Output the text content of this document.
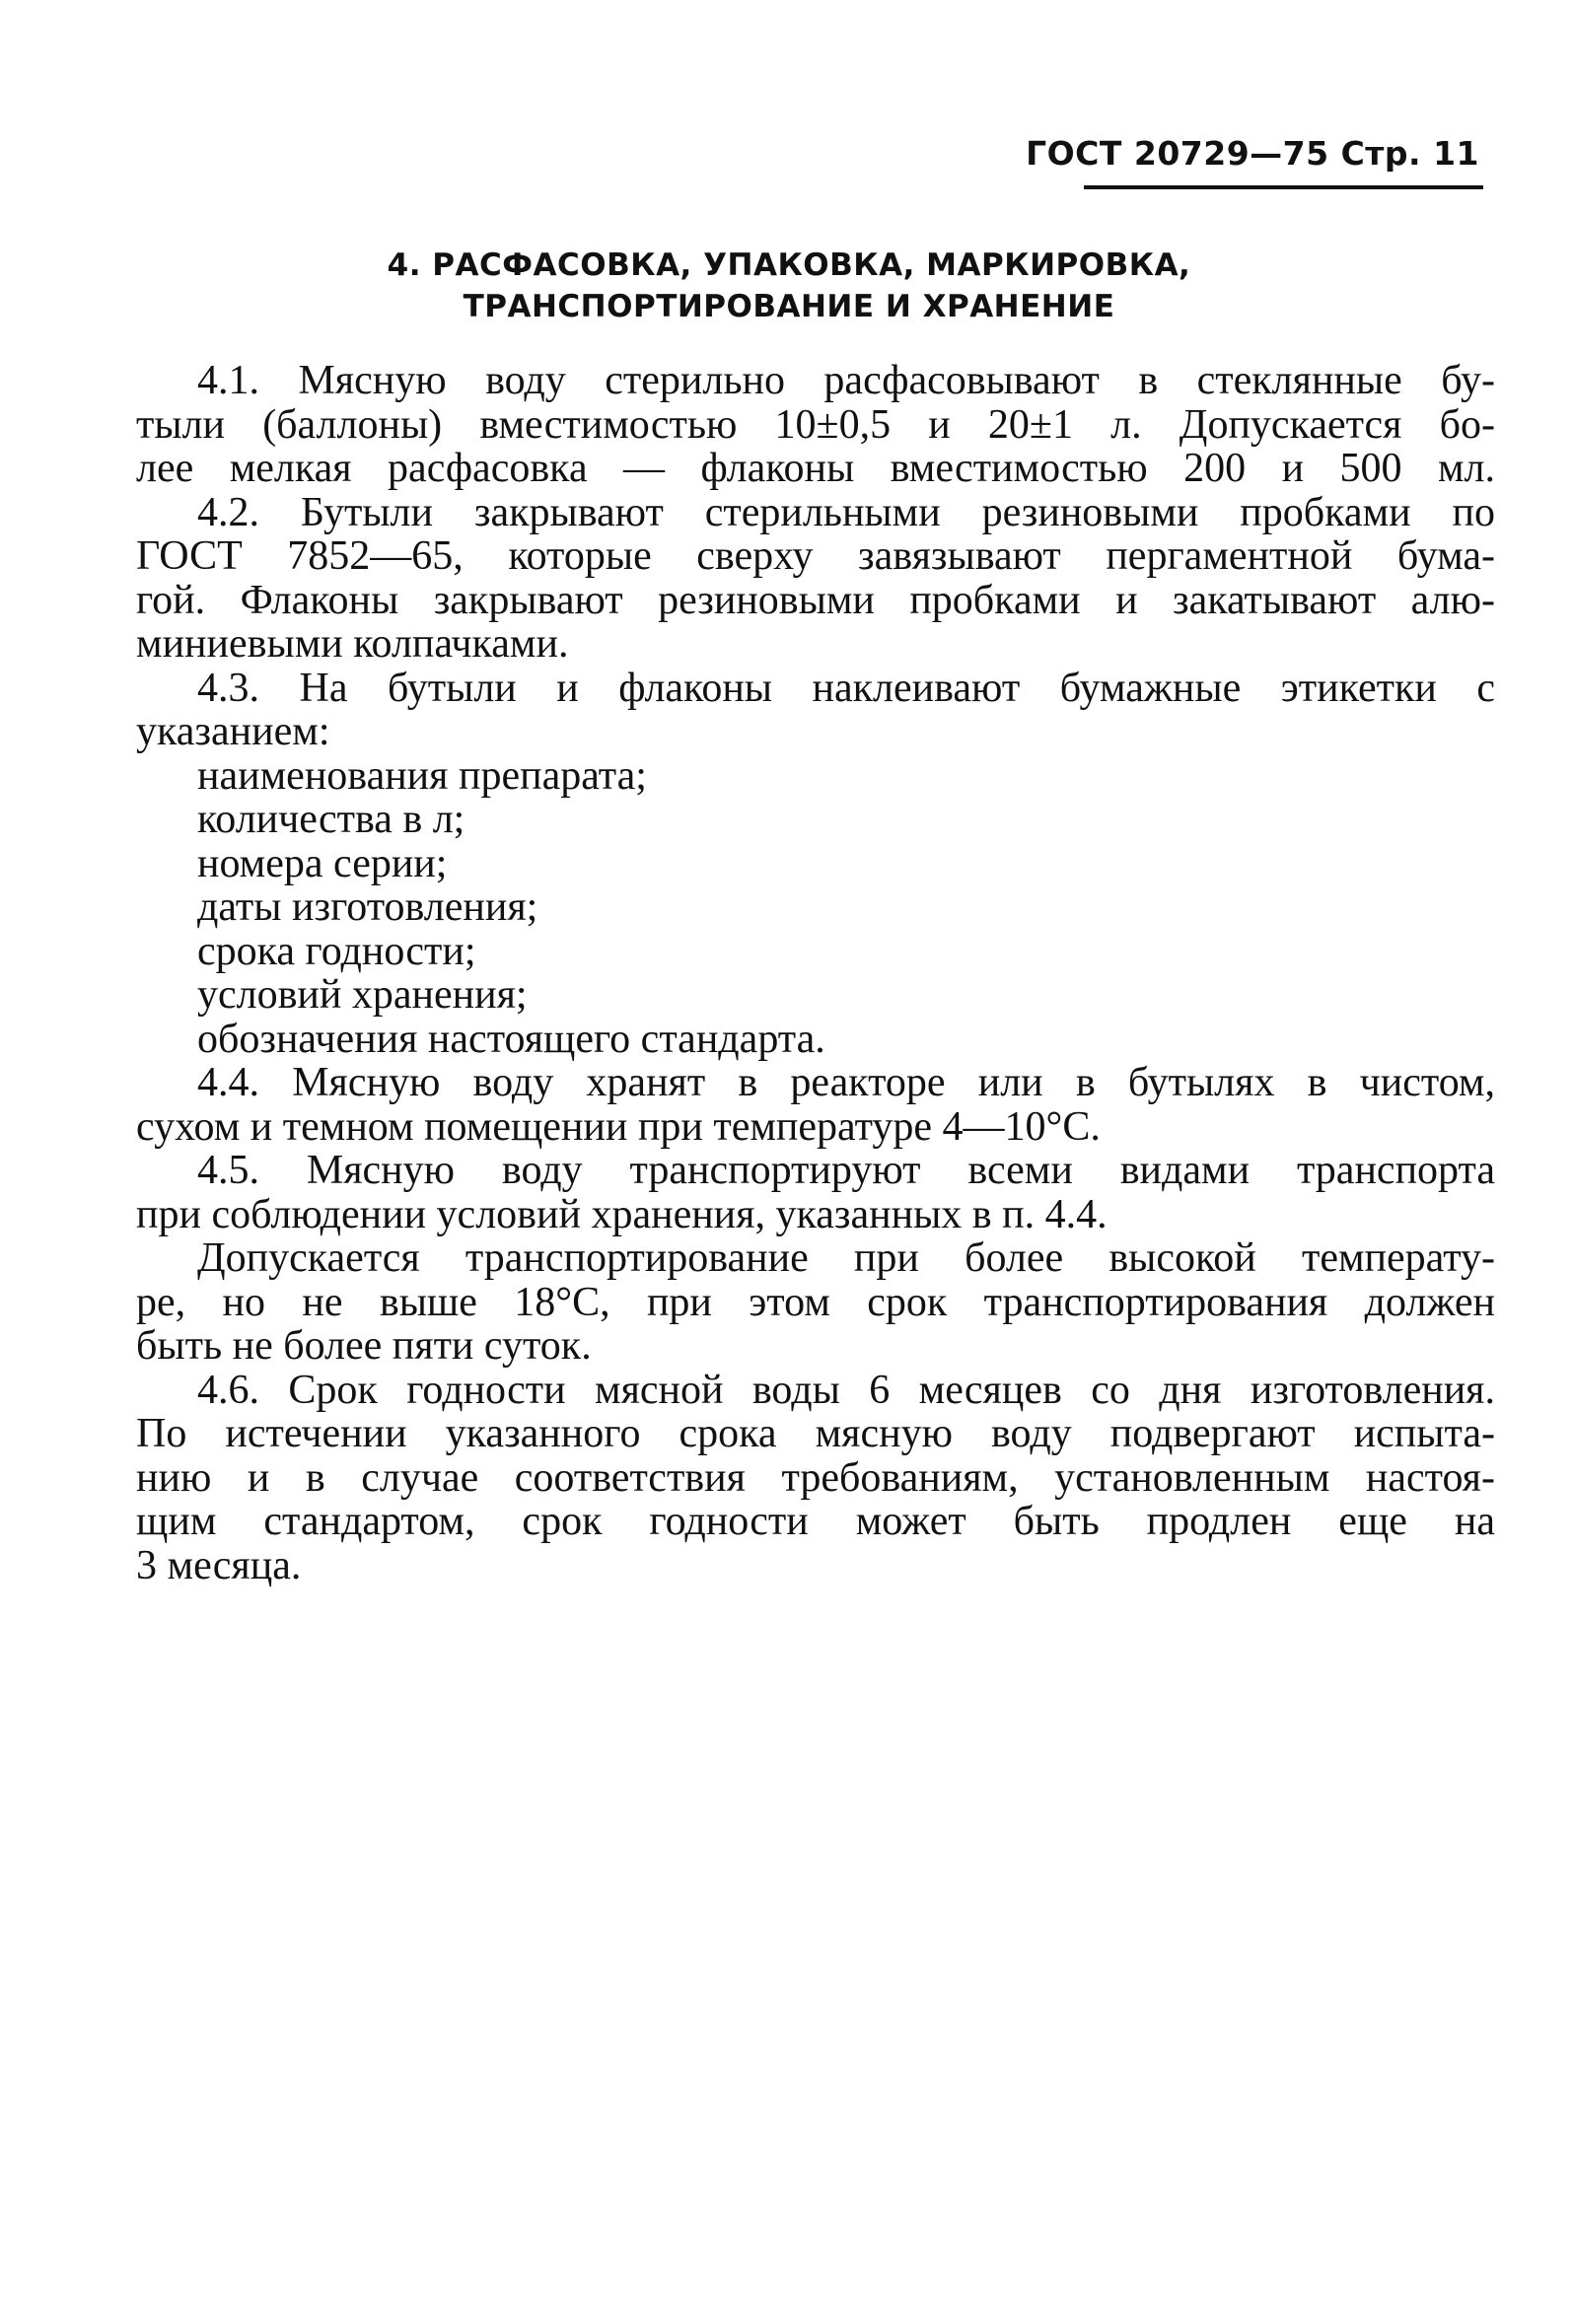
ГОСТ 20729—75 Стр. 11
4. РАСФАСОВКА, УПАКОВКА, МАРКИРОВКА,
ТРАНСПОРТИРОВАНИЕ И ХРАНЕНИЕ
4.1. Мясную воду стерильно расфасовывают в стеклянные бу-
тыли (баллоны) вместимостью 10±0,5 и 20±1 л. Допускается бо-
лее мелкая расфасовка — флаконы вместимостью 200 и 500 мл.
4.2. Бутыли закрывают стерильными резиновыми пробками по
ГОСТ 7852—65, которые сверху завязывают пергаментной бума-
гой. Флаконы закрывают резиновыми пробками и закатывают алю-
миниевыми колпачками.
4.3. На бутыли и флаконы наклеивают бумажные этикетки с
указанием:
наименования препарата;
количества в л;
номера серии;
даты изготовления;
срока годности;
условий хранения;
обозначения настоящего стандарта.
4.4. Мясную воду хранят в реакторе или в бутылях в чистом,
сухом и темном помещении при температуре 4—10°С.
4.5. Мясную воду транспортируют всеми видами транспорта
при соблюдении условий хранения, указанных в п. 4.4.
Допускается транспортирование при более высокой температу-
ре, но не выше 18°С, при этом срок транспортирования должен
быть не более пяти суток.
4.6. Срок годности мясной воды 6 месяцев со дня изготовления.
По истечении указанного срока мясную воду подвергают испыта-
нию и в случае соответствия требованиям, установленным настоя-
щим стандартом, срок годности может быть продлен еще на
3 месяца.
